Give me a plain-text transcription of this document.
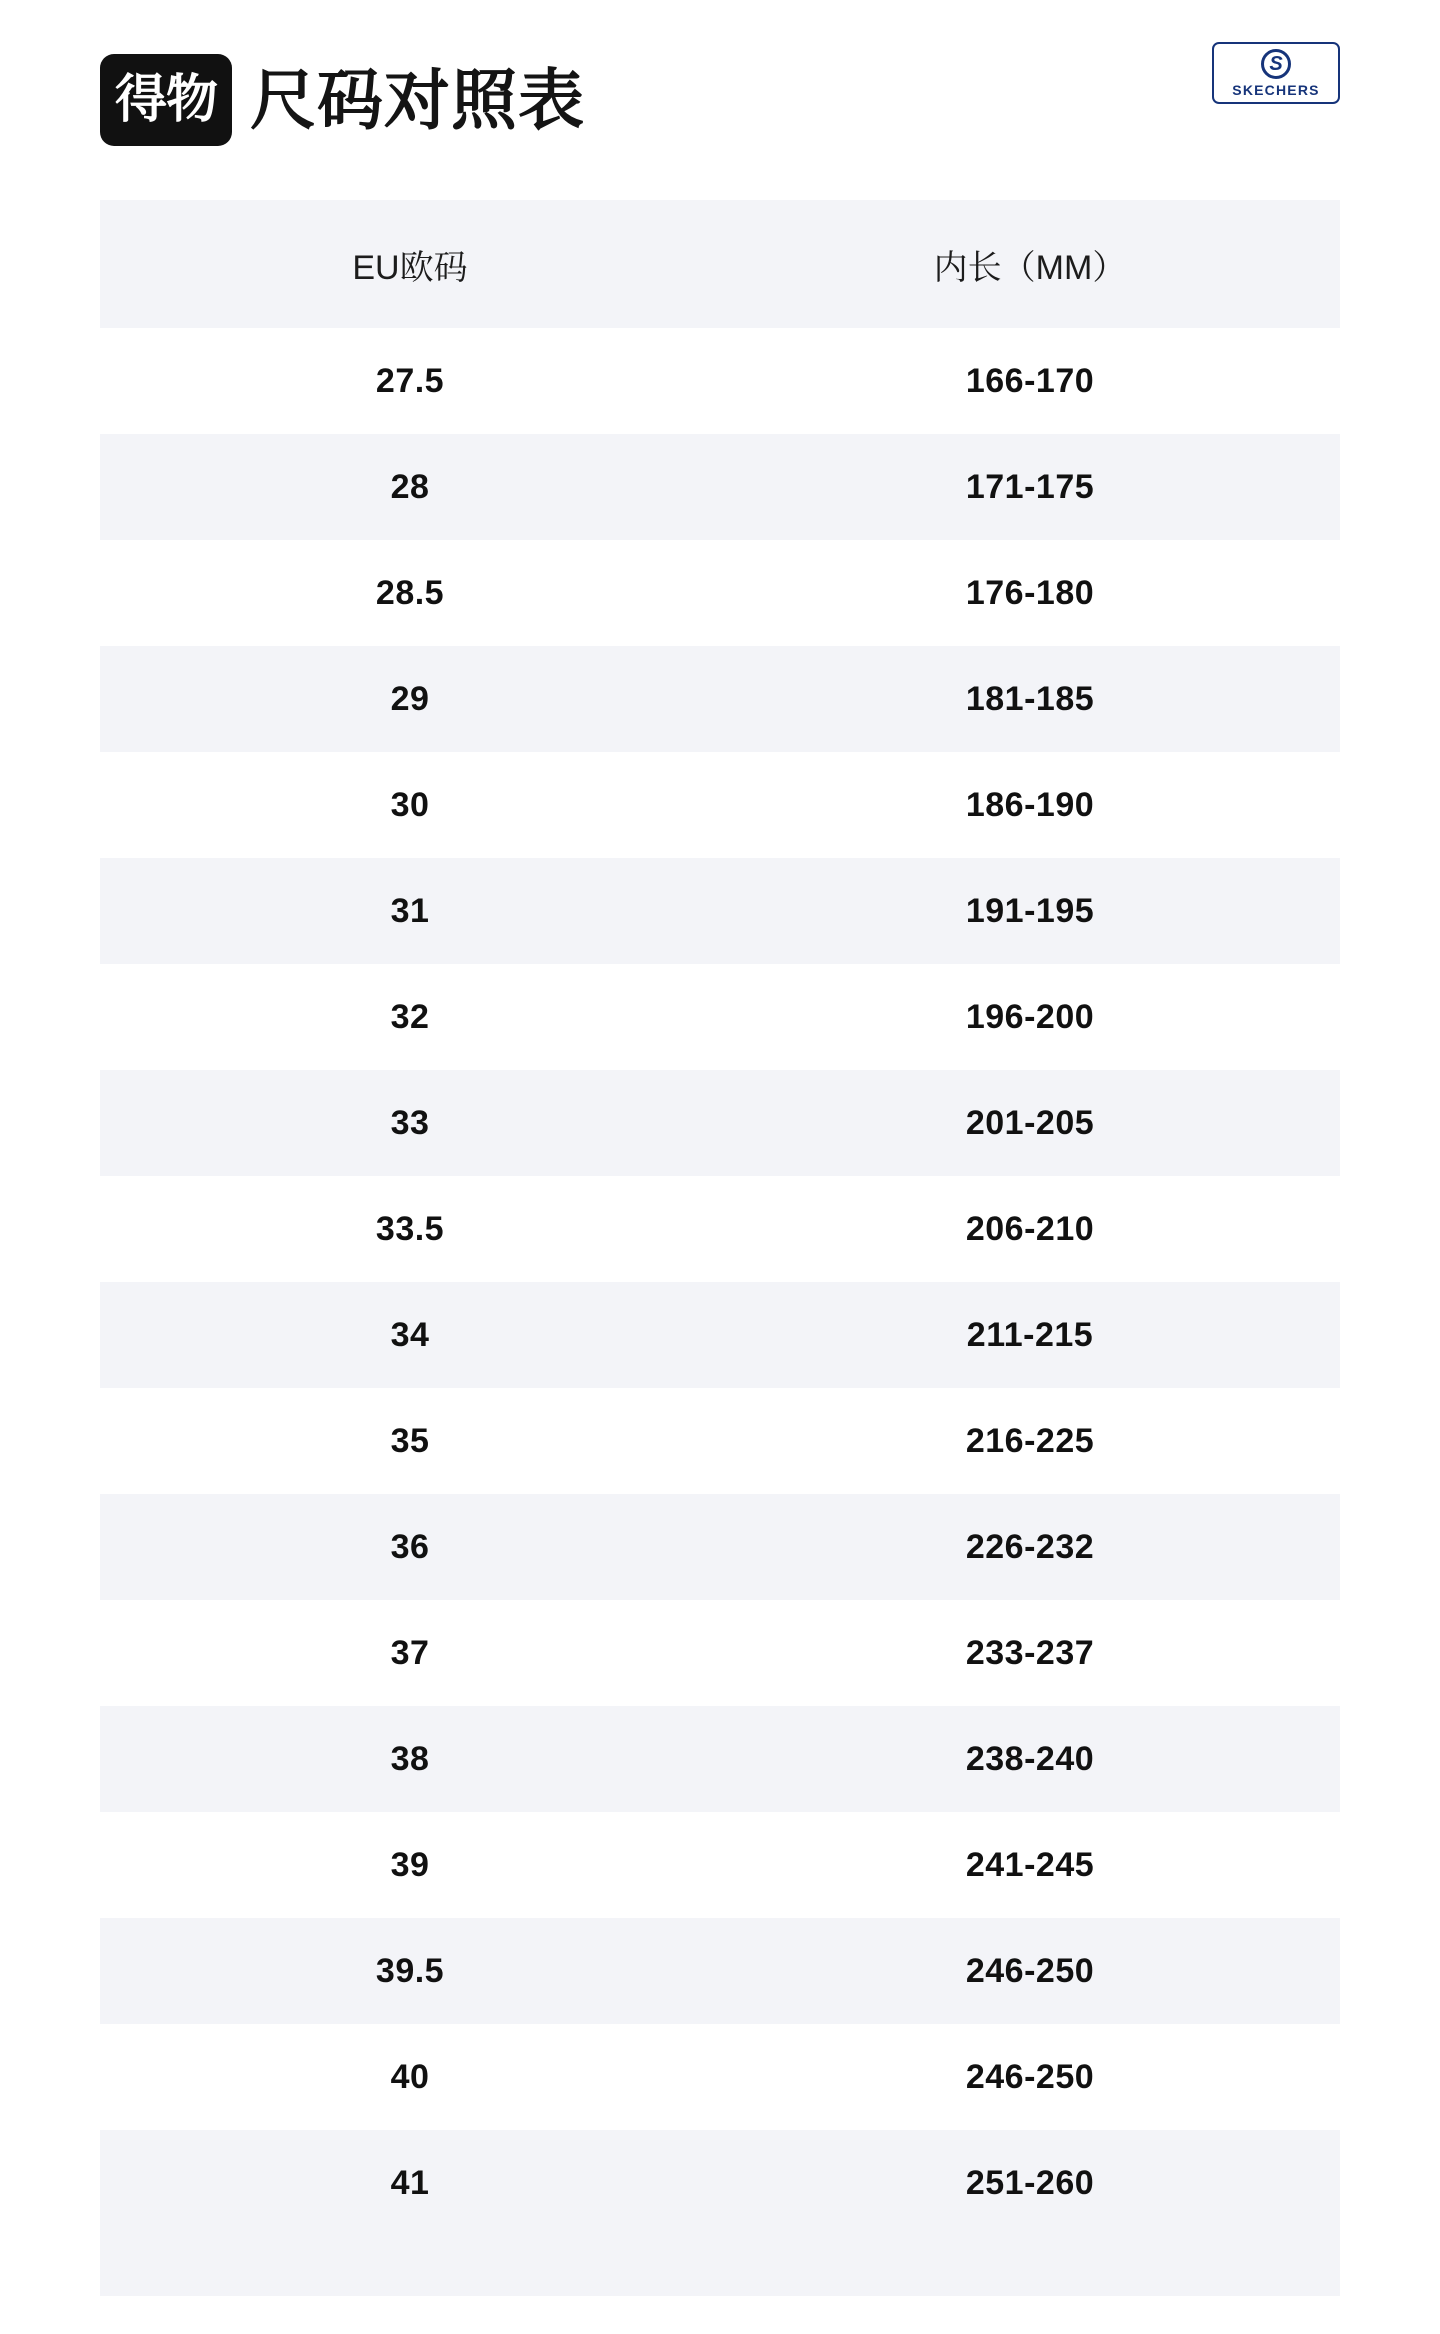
得物 尺码对照表	S
SKECHERS
EU欧码	内长（MM）
27.5	166-170
28	171-175
28.5	176-180
29	181-185
30	186-190
31	191-195
32	196-200
33	201-205
33.5	206-210
34	211-215
35	216-225
36	226-232
37	233-237
38	238-240
39	241-245
39.5	246-250
40	246-250
41	251-260
